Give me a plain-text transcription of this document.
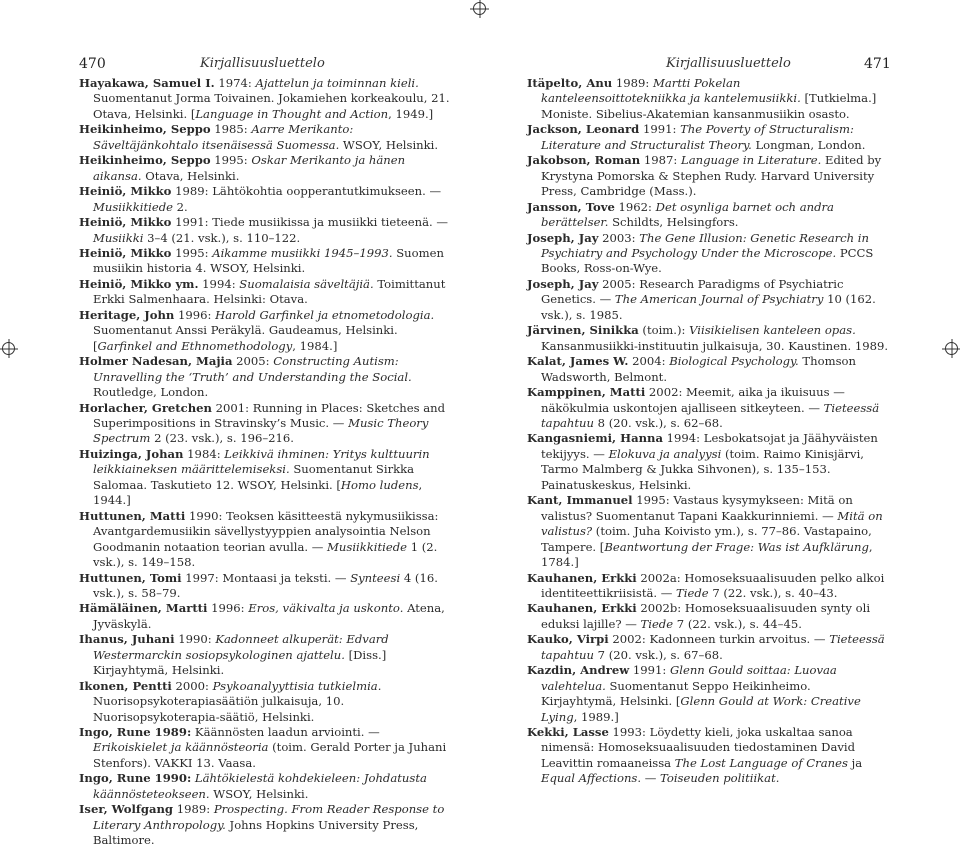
470	Kirjallisuusluettelo	Kirjallisuusluettelo	471

Hayakawa, Samuel I. 1974: Ajattelun ja toiminnan kieli. Suomentanut Jorma Toivainen. Jokamiehen korkeakoulu, 21. Otava, Helsinki. [Language in Thought and Action, 1949.]

Heikinheimo, Seppo 1985: Aarre Merikanto: Säveltäjänkohtalo itsenäisessä Suomessa. WSOY, Helsinki.

Heikinheimo, Seppo 1995: Oskar Merikanto ja hänen aikansa. Otava, Helsinki.

Heiniö, Mikko 1989: Lähtökohtia oopperantutkimukseen. — Musiikkitiede 2.

Heiniö, Mikko 1991: Tiede musiikissa ja musiikki tieteenä. — Musiikki 3–4 (21. vsk.), s. 110–122.

Heiniö, Mikko 1995: Aikamme musiikki 1945–1993. Suomen musiikin historia 4. WSOY, Helsinki.

Heiniö, Mikko ym. 1994: Suomalaisia säveltäjiä. Toimittanut Erkki Salmenhaara. Helsinki: Otava.

Heritage, John 1996: Harold Garfinkel ja etnometodologia. Suomentanut Anssi Peräkylä. Gaudeamus, Helsinki. [Garfinkel and Ethnomethodology, 1984.]

Holmer Nadesan, Majia 2005: Constructing Autism: Unravelling the ‘Truth’ and Understanding the Social. Routledge, London.

Horlacher, Gretchen 2001: Running in Places: Sketches and Superimpositions in Stravinsky’s Music. — Music Theory Spectrum 2 (23. vsk.), s. 196–216.

Huizinga, Johan 1984: Leikkivä ihminen: Yritys kulttuurin leikkiaineksen määrittelemiseksi. Suomentanut Sirkka Salomaa. Taskutieto 12. WSOY, Helsinki. [Homo ludens, 1944.]

Huttunen, Matti 1990: Teoksen käsitteestä nykymusiikissa: Avantgardemusiikin sävellystyyppien analysointia Nelson Goodmanin notaation teorian avulla. — Musiikkitiede 1 (2. vsk.), s. 149–158.

Huttunen, Tomi 1997: Montaasi ja teksti. — Synteesi 4 (16. vsk.), s. 58–79.

Hämäläinen, Martti 1996: Eros, väkivalta ja uskonto. Atena, Jyväskylä.

Ihanus, Juhani 1990: Kadonneet alkuperät: Edvard Westermarckin sosiopsykologinen ajattelu. [Diss.] Kirjayhtymä, Helsinki.

Ikonen, Pentti 2000: Psykoanalyyttisia tutkielmia. Nuorisopsykoterapiasäätiön julkaisuja, 10. Nuorisopsykoterapia-säätiö, Helsinki.

Ingo, Rune 1989: Käännösten laadun arviointi. — Erikoiskielet ja käännösteoria (toim. Gerald Porter ja Juhani Stenfors). VAKKI 13. Vaasa.

Ingo, Rune 1990: Lähtökielestä kohdekieleen: Johdatusta käännösteteokseen. WSOY, Helsinki.

Iser, Wolfgang 1989: Prospecting. From Reader Response to Literary Anthropology. Johns Hopkins University Press, Baltimore.

Itäpelto, Anu 1989: Martti Pokelan kanteleensoittotekniikka ja kantelemusiikki. [Tutkielma.] Moniste. Sibelius-Akatemian kansanmusiikin osasto.

Jackson, Leonard 1991: The Poverty of Structuralism: Literature and Structuralist Theory. Longman, London.

Jakobson, Roman 1987: Language in Literature. Edited by Krystyna Pomorska & Stephen Rudy. Harvard University Press, Cambridge (Mass.).

Jansson, Tove 1962: Det osynliga barnet och andra berättelser. Schildts, Helsingfors.

Joseph, Jay 2003: The Gene Illusion: Genetic Research in Psychiatry and Psychology Under the Microscope. PCCS Books, Ross-on-Wye.

Joseph, Jay 2005: Research Paradigms of Psychiatric Genetics. — The American Journal of Psychiatry 10 (162. vsk.), s. 1985.

Järvinen, Sinikka (toim.): Viisikielisen kanteleen opas. Kansanmusiikki-instituutin julkaisuja, 30. Kaustinen. 1989.

Kalat, James W. 2004: Biological Psychology. Thomson Wadsworth, Belmont.

Kamppinen, Matti 2002: Meemit, aika ja ikuisuus — näkökulmia uskontojen ajalliseen sitkeyteen. — Tieteessä tapahtuu 8 (20. vsk.), s. 62–68.

Kangasniemi, Hanna 1994: Lesbokatsojat ja Jäähyväisten tekijyys. — Elokuva ja analyysi (toim. Raimo Kinisjärvi, Tarmo Malmberg & Jukka Sihvonen), s. 135–153. Painatuskeskus, Helsinki.

Kant, Immanuel 1995: Vastaus kysymykseen: Mitä on valistus? Suomentanut Tapani Kaakkurinniemi. — Mitä on valistus? (toim. Juha Koivisto ym.), s. 77–86. Vastapaino, Tampere. [Beantwortung der Frage: Was ist Aufklärung, 1784.]

Kauhanen, Erkki 2002a: Homoseksuaalisuuden pelko alkoi identiteettikriisistä. — Tiede 7 (22. vsk.), s. 40–43.

Kauhanen, Erkki 2002b: Homoseksuaalisuuden synty oli eduksi lajille? — Tiede 7 (22. vsk.), s. 44–45.

Kauko, Virpi 2002: Kadonneen turkin arvoitus. — Tieteessä tapahtuu 7 (20. vsk.), s. 67–68.

Kazdin, Andrew 1991: Glenn Gould soittaa: Luovaa valehtelua. Suomentanut Seppo Heikinheimo. Kirjayhtymä, Helsinki. [Glenn Gould at Work: Creative Lying, 1989.]

Kekki, Lasse 1993: Löydetty kieli, joka uskaltaa sanoa nimensä: Homoseksuaalisuuden tiedostaminen David Leavittin romaaneissa The Lost Language of Cranes ja Equal Affections. — Toiseuden politiikat.
